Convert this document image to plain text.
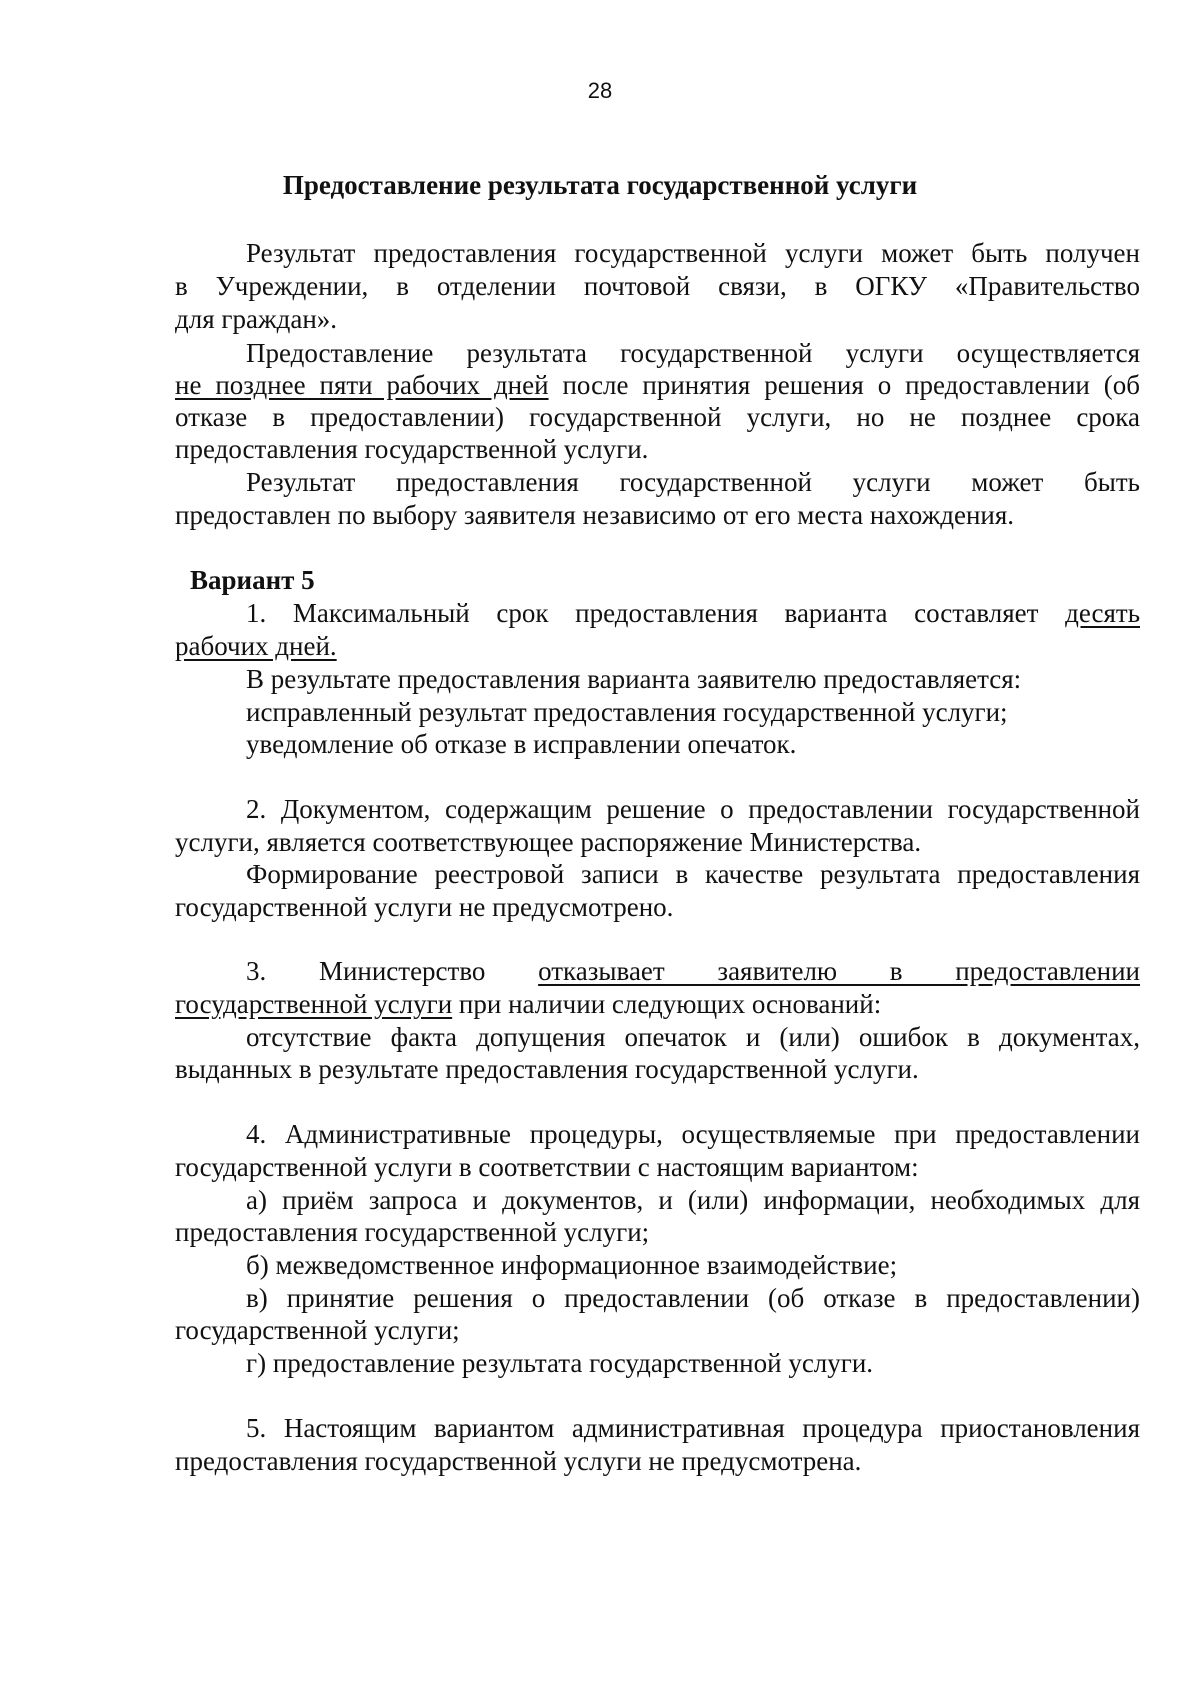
28
Предоставление результата государственной услуги
Результат предоставления государственной услуги может быть получен
в Учреждении, в отделении почтовой связи, в ОГКУ «Правительство
для граждан».
Предоставление результата государственной услуги осуществляется
не позднее пяти рабочих дней после принятия решения о предоставлении (об
отказе в предоставлении) государственной услуги, но не позднее срока
предоставления государственной услуги.
Результат предоставления государственной услуги может быть
предоставлен по выбору заявителя независимо от его места нахождения.
Вариант 5
1. Максимальный срок предоставления варианта составляет десять
рабочих дней.
В результате предоставления варианта заявителю предоставляется:
исправленный результат предоставления государственной услуги;
уведомление об отказе в исправлении опечаток.
2. Документом, содержащим решение о предоставлении государственной
услуги, является соответствующее распоряжение Министерства.
Формирование реестровой записи в качестве результата предоставления
государственной услуги не предусмотрено.
3. Министерство отказывает заявителю в предоставлении
государственной услуги при наличии следующих оснований:
отсутствие факта допущения опечаток и (или) ошибок в документах,
выданных в результате предоставления государственной услуги.
4. Административные процедуры, осуществляемые при предоставлении
государственной услуги в соответствии с настоящим вариантом:
а) приём запроса и документов, и (или) информации, необходимых для
предоставления государственной услуги;
б) межведомственное информационное взаимодействие;
в) принятие решения о предоставлении (об отказе в предоставлении)
государственной услуги;
г) предоставление результата государственной услуги.
5. Настоящим вариантом административная процедура приостановления
предоставления государственной услуги не предусмотрена.
